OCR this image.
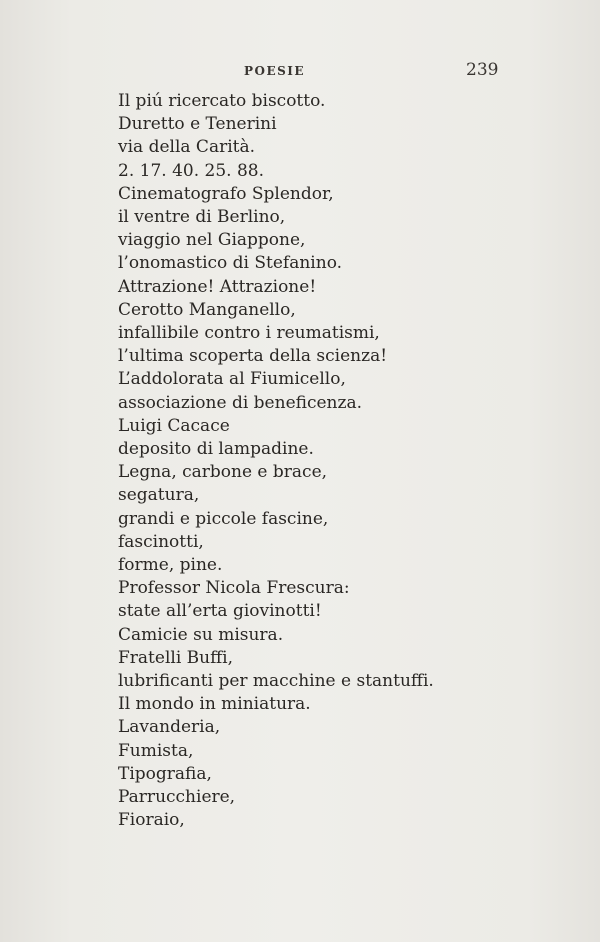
POESIE	239
Il piú ricercato biscotto.
Duretto e Tenerini
via della Carità.
2. 17. 40. 25. 88.
Cinematografo Splendor,
il ventre di Berlino,
viaggio nel Giappone,
l’onomastico di Stefanino.
Attrazione! Attrazione!
Cerotto Manganello,
infallibile contro i reumatismi,
l’ultima scoperta della scienza!
L’addolorata al Fiumicello,
associazione di beneficenza.
Luigi Cacace
deposito di lampadine.
Legna, carbone e brace,
segatura,
grandi e piccole fascine,
fascinotti,
forme, pine.
Professor Nicola Frescura:
state all’erta giovinotti!
Camicie su misura.
Fratelli Buffi,
lubrificanti per macchine e stantuffi.
Il mondo in miniatura.
Lavanderia,
Fumista,
Tipografia,
Parrucchiere,
Fioraio,
